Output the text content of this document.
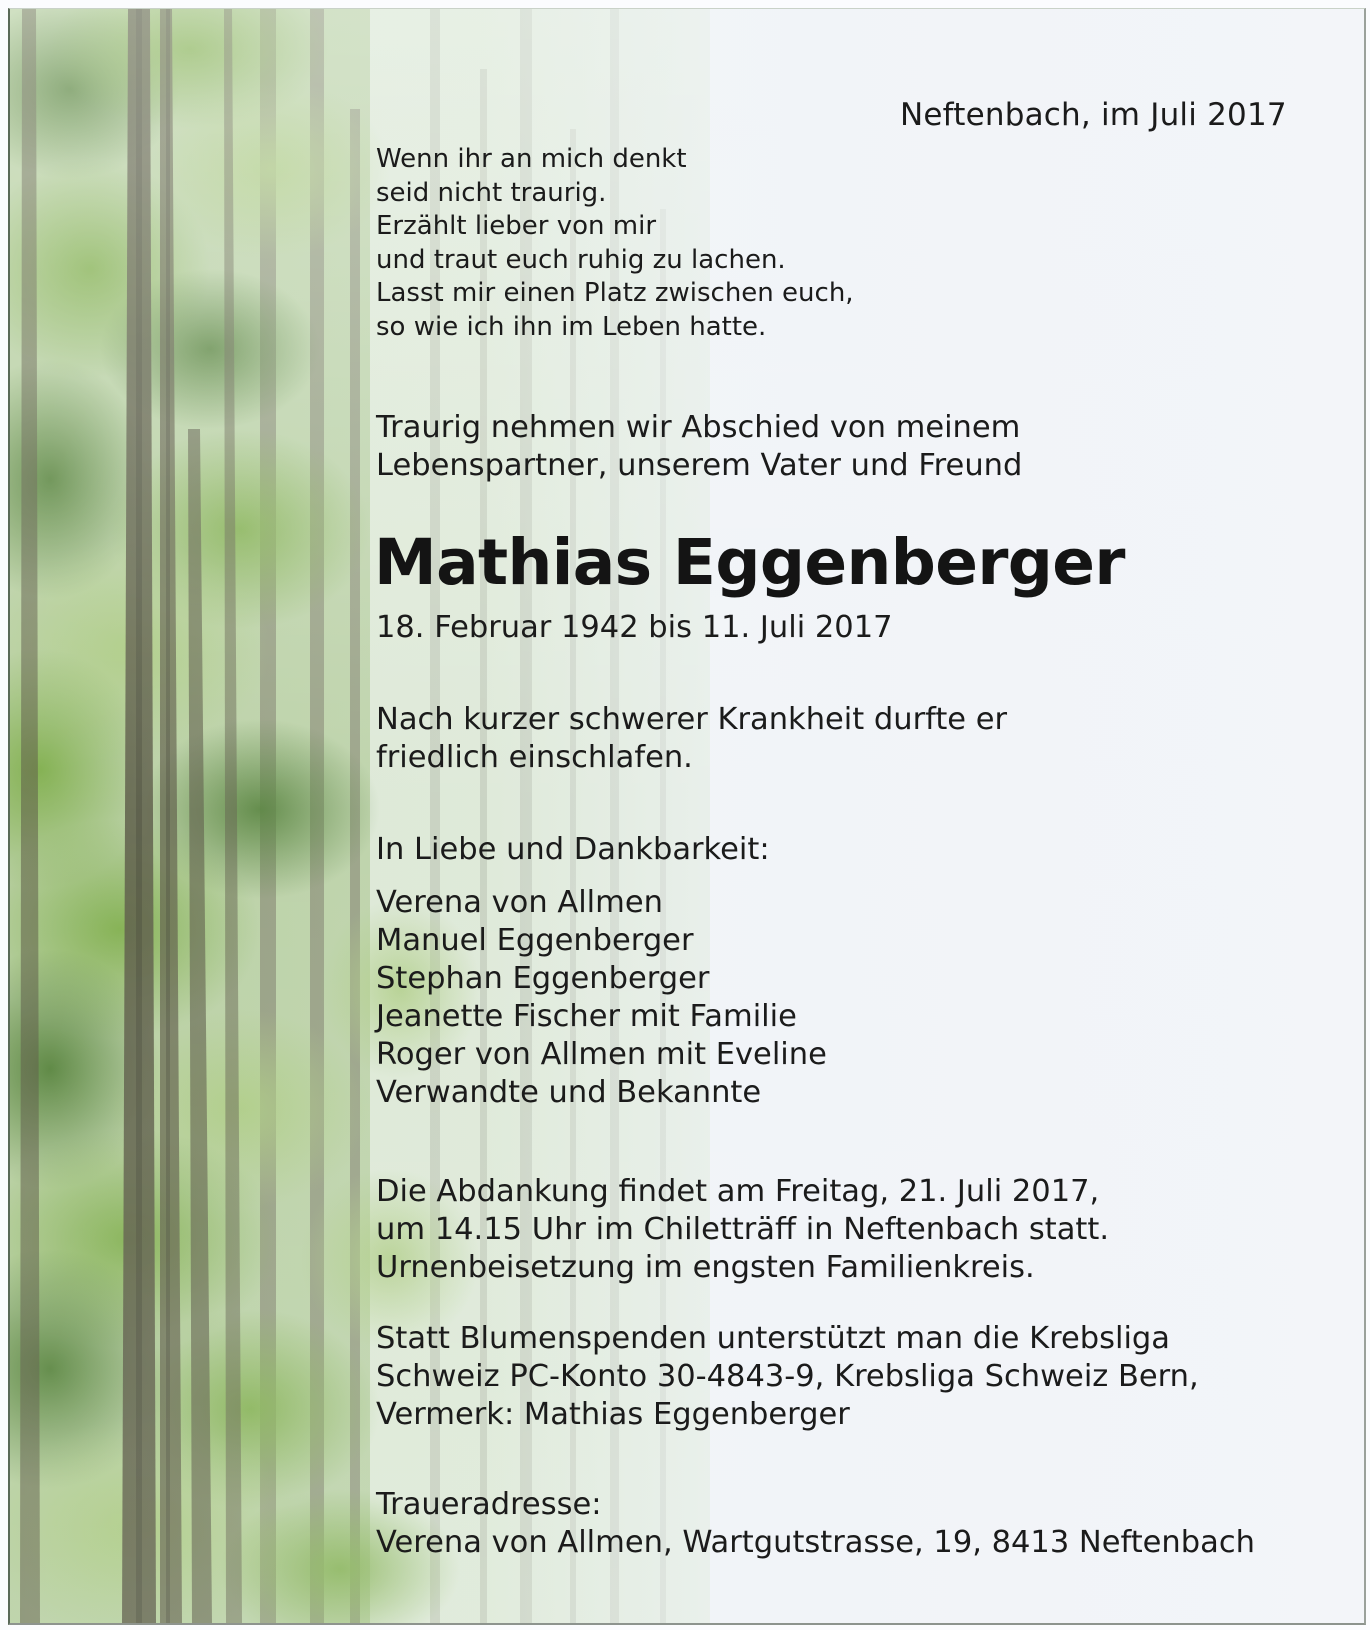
Neftenbach, im Juli 2017
Wenn ihr an mich denkt
seid nicht traurig.
Erzählt lieber von mir
und traut euch ruhig zu lachen.
Lasst mir einen Platz zwischen euch,
so wie ich ihn im Leben hatte.
Traurig nehmen wir Abschied von meinem
Lebenspartner, unserem Vater und Freund
Mathias Eggenberger
18. Februar 1942 bis 11. Juli 2017
Nach kurzer schwerer Krankheit durfte er
friedlich einschlafen.
In Liebe und Dankbarkeit:
Verena von Allmen
Manuel Eggenberger
Stephan Eggenberger
Jeanette Fischer mit Familie
Roger von Allmen mit Eveline
Verwandte und Bekannte
Die Abdankung findet am Freitag, 21. Juli 2017,
um 14.15 Uhr im Chiletträff in Neftenbach statt.
Urnenbeisetzung im engsten Familienkreis.
Statt Blumenspenden unterstützt man die Krebsliga
Schweiz PC-Konto 30-4843-9, Krebsliga Schweiz Bern,
Vermerk: Mathias Eggenberger
Traueradresse:
Verena von Allmen, Wartgutstrasse, 19, 8413 Neftenbach
